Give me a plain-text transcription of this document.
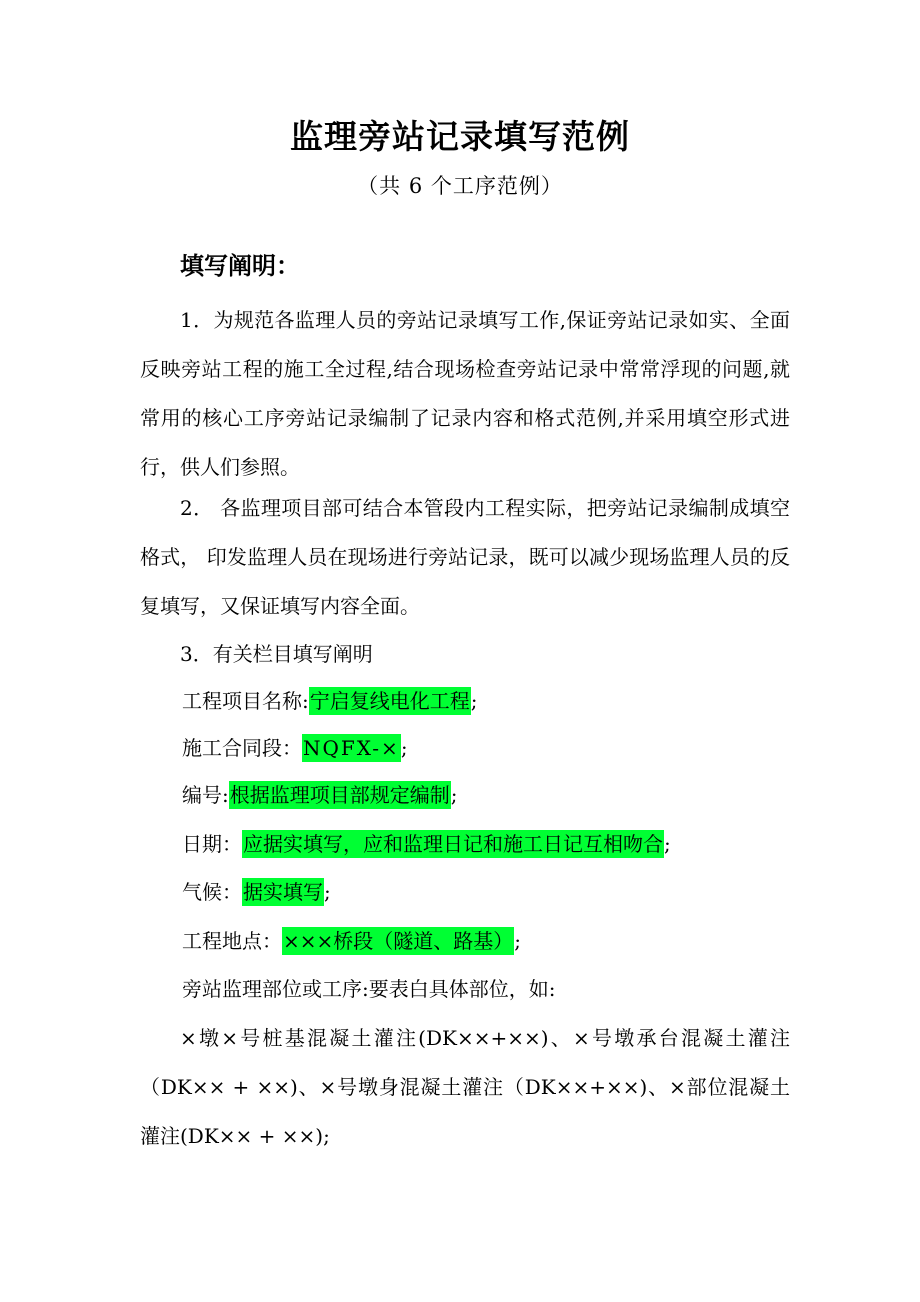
监理旁站记录填写范例
（共 6 个工序范例）
填写阐明：
1．为规范各监理人员的旁站记录填写工作,保证旁站记录如实、全面反映旁站工程的施工全过程,结合现场检查旁站记录中常常浮现的问题,就常用的核心工序旁站记录编制了记录内容和格式范例,并采用填空形式进行，供人们参照。
2． 各监理项目部可结合本管段内工程实际，把旁站记录编制成填空格式， 印发监理人员在现场进行旁站记录，既可以减少现场监理人员的反复填写，又保证填写内容全面。
3．有关栏目填写阐明
工程项目名称:宁启复线电化工程;
施工合同段：NQFX-×;
编号:根据监理项目部规定编制;
日期：应据实填写，应和监理日记和施工日记互相吻合;
气候：据实填写;
工程地点：×××桥段（隧道、路基）;
旁站监理部位或工序:要表白具体部位，如:
×墩×号桩基混凝土灌注(DK××+××)、×号墩承台混凝土灌注（DK×× + ××)、×号墩身混凝土灌注（DK××+××)、×部位混凝土灌注(DK×× + ××);
